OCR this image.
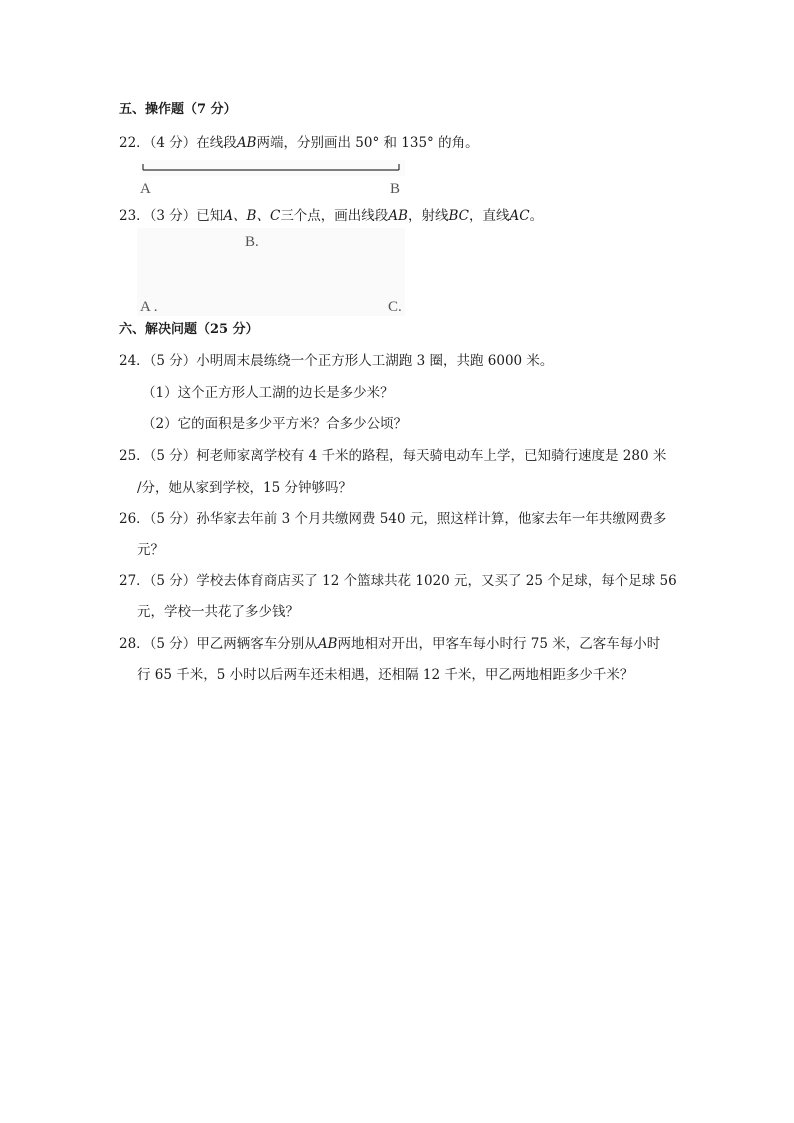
五、操作题（7 分）
22．（4 分）在线段AB两端，分别画出 50° 和 135° 的角。
A	B
23．（3 分）已知A、B、C三个点，画出线段AB，射线BC，直线AC。
B.
A .	C.
六、解决问题（25 分）
24．（5 分）小明周末晨练绕一个正方形人工湖跑 3 圈，共跑 6000 米。
（1）这个正方形人工湖的边长是多少米？
（2）它的面积是多少平方米？合多少公顷？
25．（5 分）柯老师家离学校有 4 千米的路程，每天骑电动车上学，已知骑行速度是 280 米
/分，她从家到学校，15 分钟够吗？
26．（5 分）孙华家去年前 3 个月共缴网费 540 元，照这样计算，他家去年一年共缴网费多
元？
27．（5 分）学校去体育商店买了 12 个篮球共花 1020 元，又买了 25 个足球，每个足球 56
元，学校一共花了多少钱？
28．（5 分）甲乙两辆客车分别从AB两地相对开出，甲客车每小时行 75 米，乙客车每小时
行 65 千米，5 小时以后两车还未相遇，还相隔 12 千米，甲乙两地相距多少千米？
